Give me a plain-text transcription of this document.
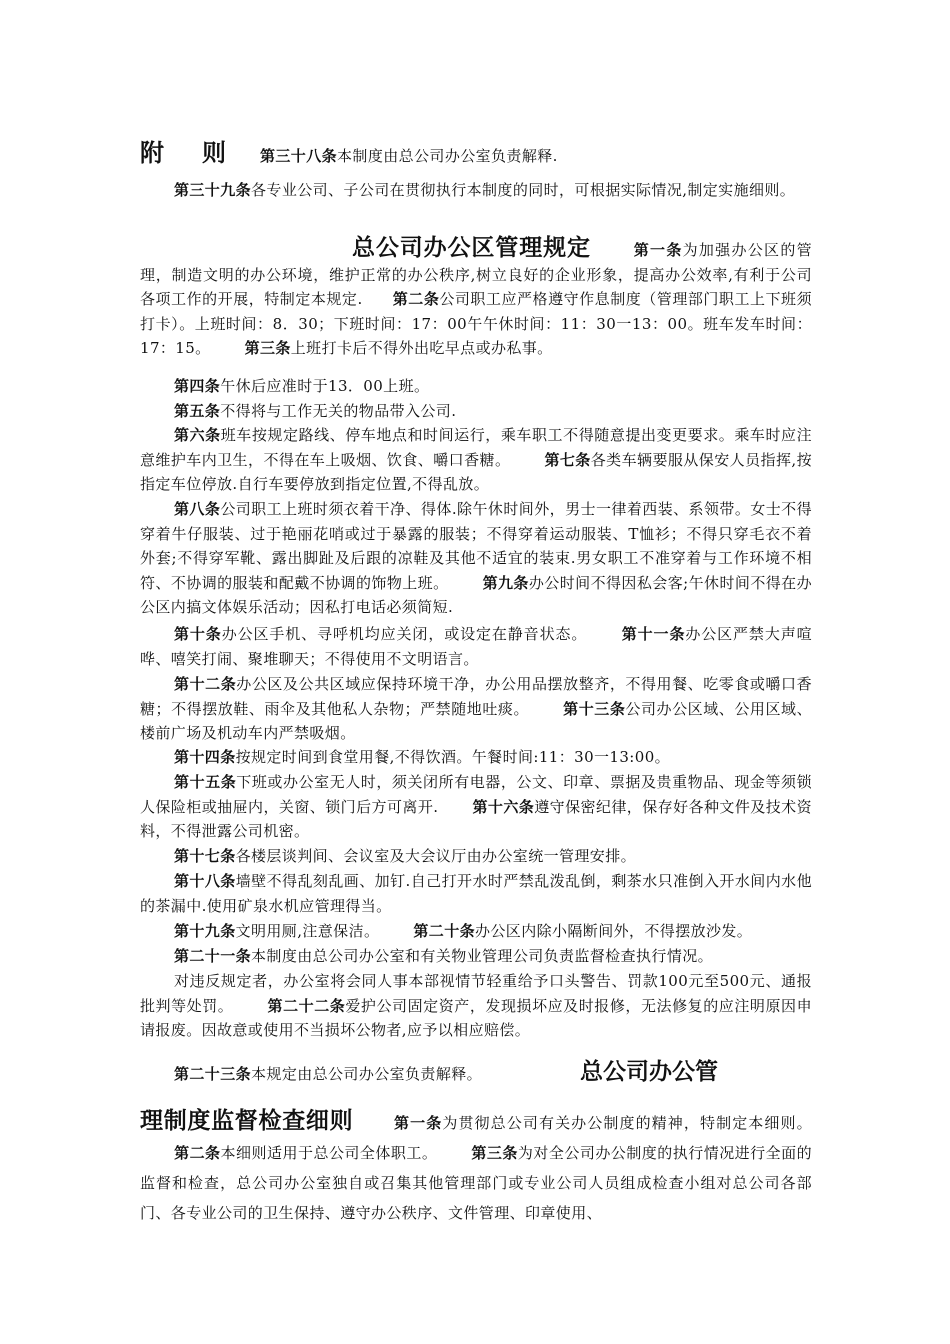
附 则 第三十八条本制度由总公司办公室负责解释.

第三十九条各专业公司、子公司在贯彻执行本制度的同时，可根据实际情况,制定实施细则。

总公司办公区管理规定	第一条为加强办公区的管理，制造文明的办公环境，维护正常的办公秩序,树立良好的企业形象，提高办公效率,有利于公司各项工作的开展，特制定本规定. 第二条公司职工应严格遵守作息制度（管理部门职工上下班须打卡）。上班时间：8．30；下班时间：17：00午午休时间：11：30一13：00。班车发车时间：17：15。 第三条上班打卡后不得外出吃早点或办私事。

第四条午休后应准时于13．00上班。

第五条不得将与工作无关的物品带入公司.

第六条班车按规定路线、停车地点和时间运行，乘车职工不得随意提出变更要求。乘车时应注意维护车内卫生，不得在车上吸烟、饮食、嚼口香糖。 第七条各类车辆要服从保安人员指挥,按指定车位停放.自行车要停放到指定位置,不得乱放。

第八条公司职工上班时须衣着干净、得体.除午休时间外，男士一律着西装、系领带。女士不得穿着牛仔服装、过于艳丽花哨或过于暴露的服装；不得穿着运动服装、T恤衫；不得只穿毛衣不着外套;不得穿军靴、露出脚趾及后跟的凉鞋及其他不适宜的装束.男女职工不准穿着与工作环境不相符、不协调的服装和配戴不协调的饰物上班。 第九条办公时间不得因私会客;午休时间不得在办公区内搞文体娱乐活动；因私打电话必须简短.

第十条办公区手机、寻呼机均应关闭，或设定在静音状态。 第十一条办公区严禁大声喧哗、嘻笑打闹、聚堆聊天；不得使用不文明语言。

第十二条办公区及公共区域应保持环境干净，办公用品摆放整齐，不得用餐、吃零食或嚼口香糖；不得摆放鞋、雨伞及其他私人杂物；严禁随地吐痰。 第十三条公司办公区域、公用区域、楼前广场及机动车内严禁吸烟。

第十四条按规定时间到食堂用餐,不得饮酒。午餐时间:11：30一13:00。

第十五条下班或办公室无人时，须关闭所有电器，公文、印章、票据及贵重物品、现金等须锁人保险柜或抽屉内，关窗、锁门后方可离开. 第十六条遵守保密纪律，保存好各种文件及技术资料，不得泄露公司机密。

第十七条各楼层谈判间、会议室及大会议厅由办公室统一管理安排。

第十八条墙壁不得乱刻乱画、加钉.自己打开水时严禁乱泼乱倒，剩茶水只准倒入开水间内水他的茶漏中.使用矿泉水机应管理得当。

第十九条文明用厕,注意保洁。 第二十条办公区内除小隔断间外，不得摆放沙发。

第二十一条本制度由总公司办公室和有关物业管理公司负责监督检查执行情况。

对违反规定者，办公室将会同人事本部视情节轻重给予口头警告、罚款100元至500元、通报批判等处罚。 第二十二条爱护公司固定资产，发现损坏应及时报修，无法修复的应注明原因申请报废。因故意或使用不当损坏公物者,应予以相应赔偿。

第二十三条本规定由总公司办公室负责解释。	总公司办公管

理制度监督检查细则	第一条为贯彻总公司有关办公制度的精神，特制定本细则。第二条本细则适用于总公司全体职工。 第三条为对全公司办公制度的执行情况进行全面的监督和检查，总公司办公室独自或召集其他管理部门或专业公司人员组成检查小组对总公司各部门、各专业公司的卫生保持、遵守办公秩序、文件管理、印章使用、
